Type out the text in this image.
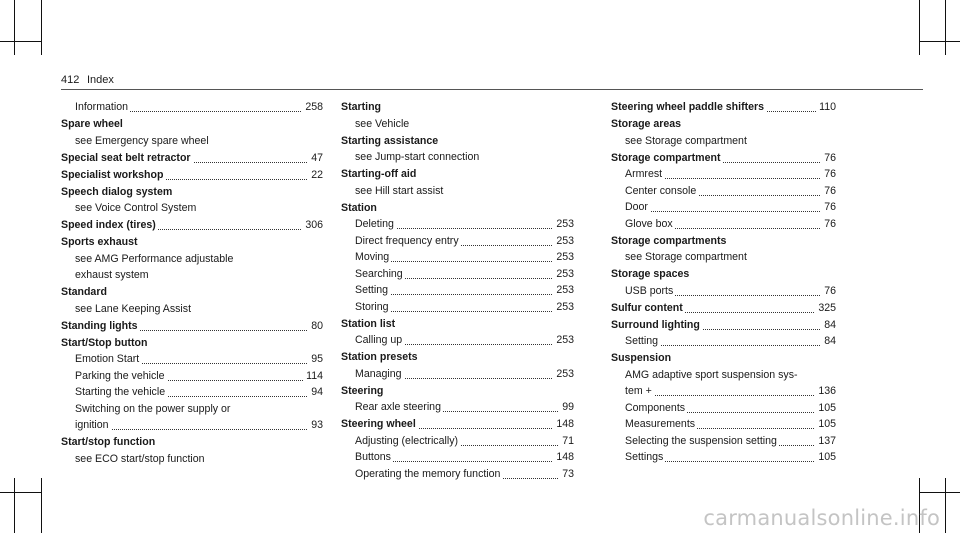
412 Index
Information	258
Spare wheel
see Emergency spare wheel
Special seat belt retractor	47
Specialist workshop	22
Speech dialog system
see Voice Control System
Speed index (tires)	306
Sports exhaust
see AMG Performance adjustable
exhaust system
Standard
see Lane Keeping Assist
Standing lights	80
Start/Stop button
Emotion Start	95
Parking the vehicle	114
Starting the vehicle	94
Switching on the power supply or
ignition	93
Start/stop function
see ECO start/stop function
Starting
see Vehicle
Starting assistance
see Jump-start connection
Starting-off aid
see Hill start assist
Station
Deleting	253
Direct frequency entry	253
Moving	253
Searching	253
Setting	253
Storing	253
Station list
Calling up	253
Station presets
Managing	253
Steering
Rear axle steering	99
Steering wheel	148
Adjusting (electrically)	71
Buttons	148
Operating the memory function	73
Steering wheel paddle shifters	110
Storage areas
see Storage compartment
Storage compartment	76
Armrest	76
Center console	76
Door	76
Glove box	76
Storage compartments
see Storage compartment
Storage spaces
USB ports	76
Sulfur content	325
Surround lighting	84
Setting	84
Suspension
AMG adaptive sport suspension sys-
tem +	136
Components	105
Measurements	105
Selecting the suspension setting	137
Settings	105
carmanualsonline.info
